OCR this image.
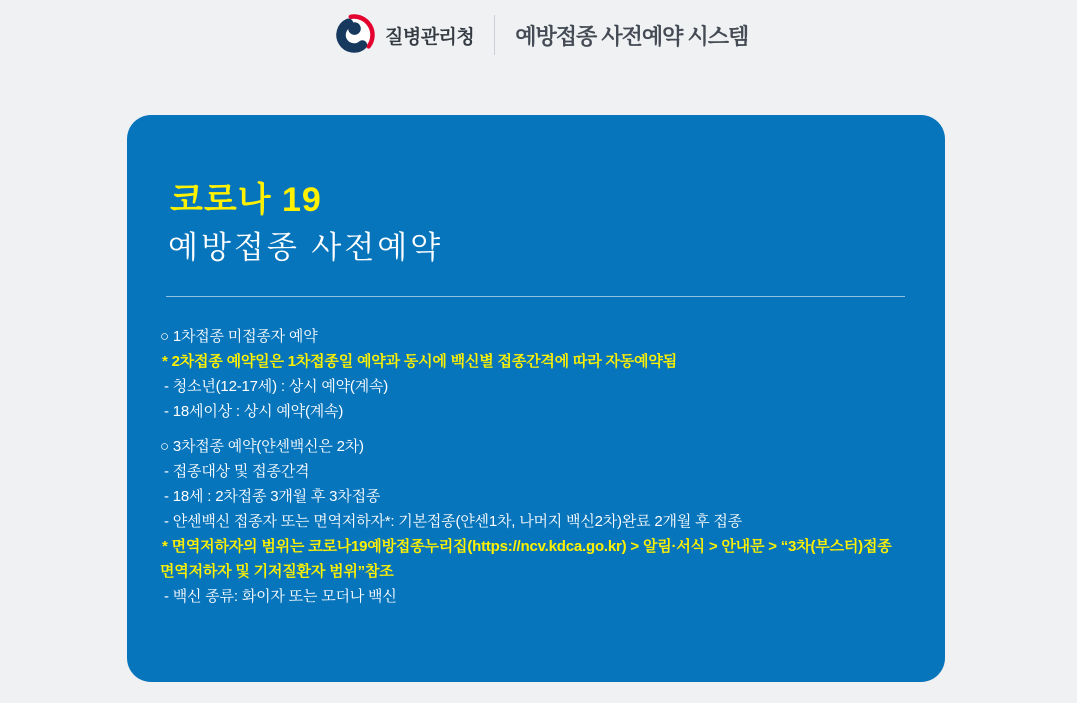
질병관리청 예방접종 사전예약 시스템
코로나 19
예방접종 사전예약
○ 1차접종 미접종자 예약
* 2차접종 예약일은 1차접종일 예약과 동시에 백신별 접종간격에 따라 자동예약됨
- 청소년(12-17세) : 상시 예약(계속)
- 18세이상 : 상시 예약(계속)
○ 3차접종 예약(얀센백신은 2차)
- 접종대상 및 접종간격
- 18세 : 2차접종 3개월 후 3차접종
- 얀센백신 접종자 또는 면역저하자*: 기본접종(얀센1차, 나머지 백신2차)완료 2개월 후 접종
* 면역저하자의 범위는 코로나19예방접종누리집(https://ncv.kdca.go.kr) > 알림·서식 > 안내문 > “3차(부스터)접종
면역저하자 및 기저질환자 범위”참조
- 백신 종류: 화이자 또는 모더나 백신
